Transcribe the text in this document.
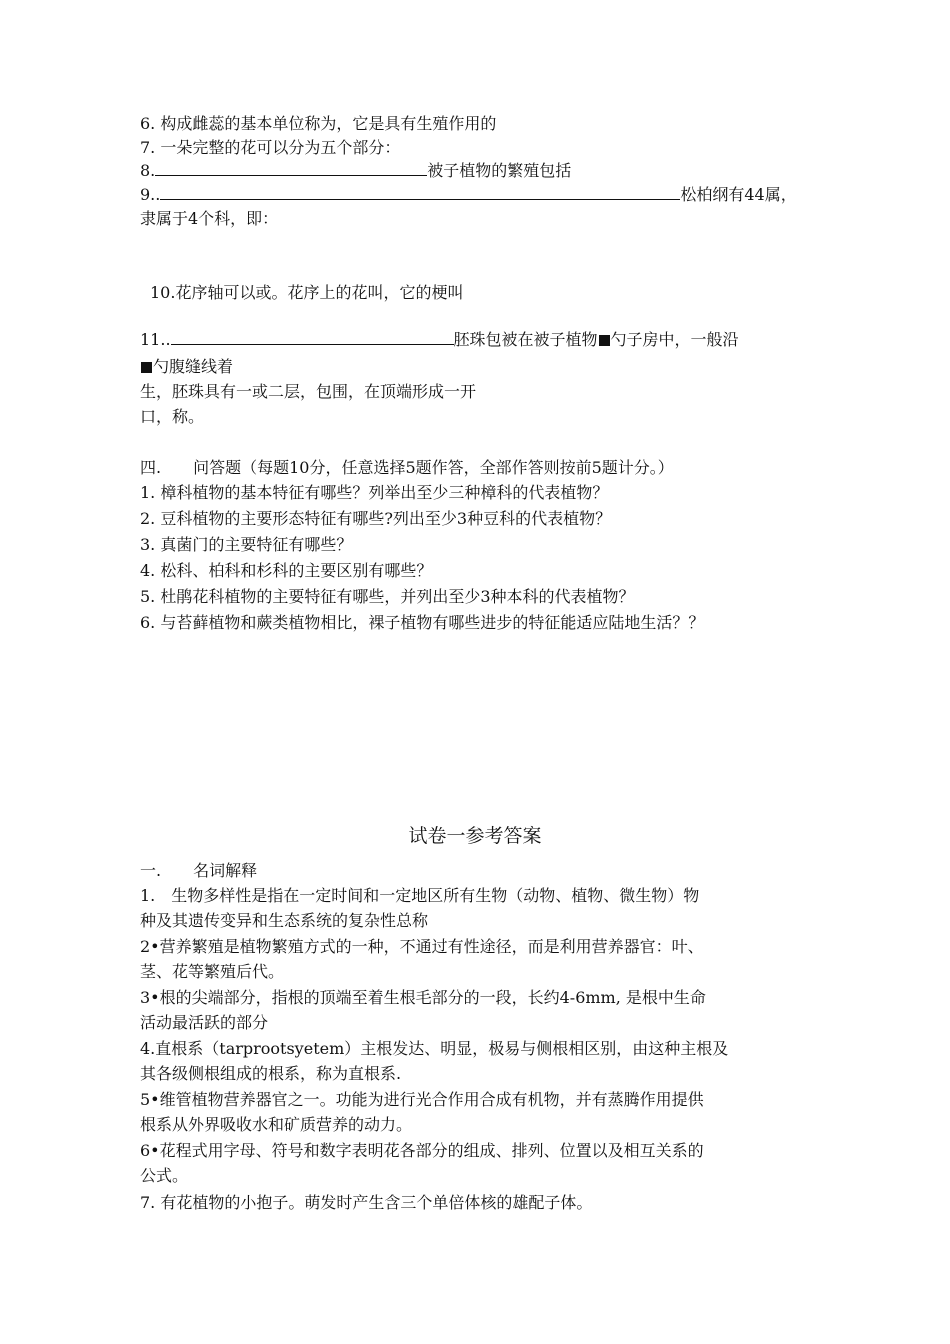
6. 构成雌蕊的基本单位称为，它是具有生殖作用的

7. 一朵完整的花可以分为五个部分：

8.	被子植物的繁殖包括

9..	松柏纲有44属，

隶属于4个科，即：

10.花序轴可以或。花序上的花叫，它的梗叫

11..	胚珠包被在被子植物 勺子房中，一般沿

勺腹缝线着

生，胚珠具有一或二层，包围，在顶端形成一开

口，称。

四.　　问答题（每题10分，任意选择5题作答，全部作答则按前5题计分。）

1. 樟科植物的基本特征有哪些？列举出至少三种樟科的代表植物？

2. 豆科植物的主要形态特征有哪些?列出至少3种豆科的代表植物？

3. 真菌门的主要特征有哪些？

4. 松科、柏科和杉科的主要区别有哪些？

5. 杜鹃花科植物的主要特征有哪些，并列出至少3种本科的代表植物？

6. 与苔藓植物和蕨类植物相比，裸子植物有哪些进步的特征能适应陆地生活？？

试卷一参考答案

一.　　名词解释

1.　生物多样性是指在一定时间和一定地区所有生物（动物、植物、微生物）物

种及其遗传变异和生态系统的复杂性总称

2•营养繁殖是植物繁殖方式的一种，不通过有性途径，而是利用营养器官：叶、

茎、花等繁殖后代。

3•根的尖端部分，指根的顶端至着生根毛部分的一段，长约4-6mm, 是根中生命

活动最活跃的部分

4.直根系（tarprootsyetem）主根发达、明显，极易与侧根相区别，由这种主根及

其各级侧根组成的根系，称为直根系.

5•维管植物营养器官之一。功能为进行光合作用合成有机物，并有蒸腾作用提供

根系从外界吸收水和矿质营养的动力。

6•花程式用字母、符号和数字表明花各部分的组成、排列、位置以及相互关系的

公式。

7. 有花植物的小抱子。萌发时产生含三个单倍体核的雄配子体。
